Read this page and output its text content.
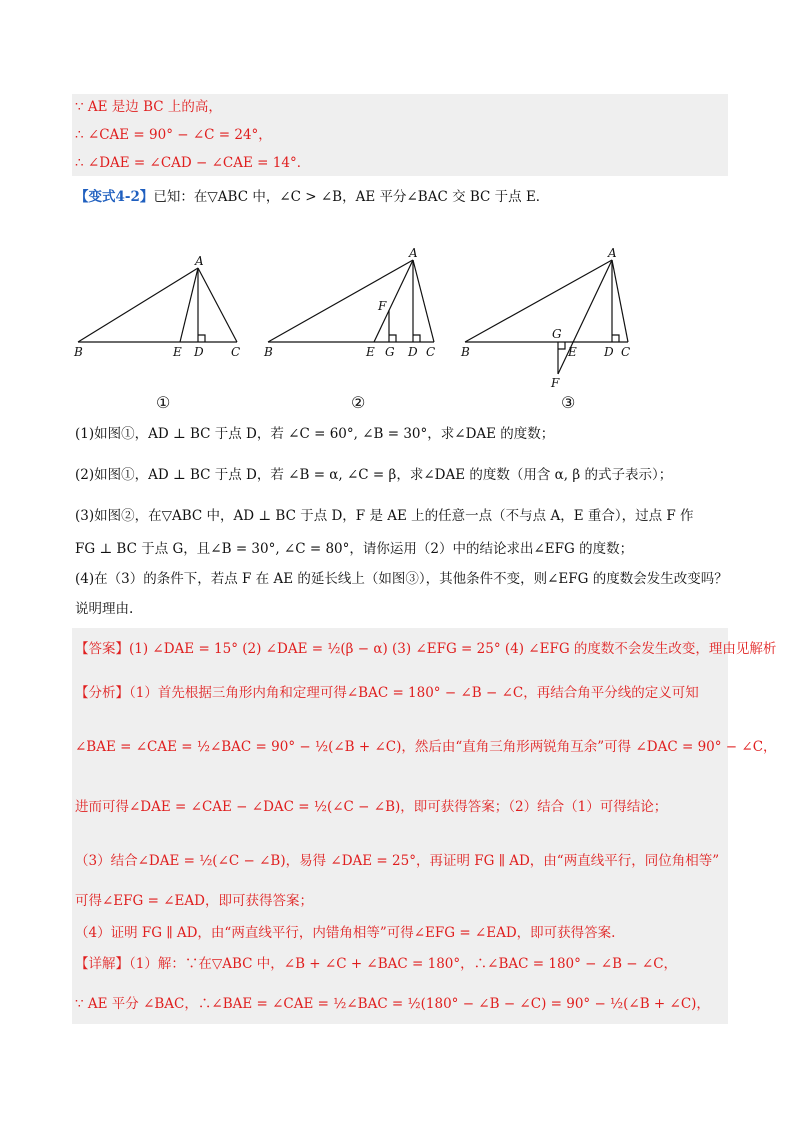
∵ AE 是边 BC 上的高，
∴ ∠CAE = 90° − ∠C = 24°，
∴ ∠DAE = ∠CAD − ∠CAE = 14°．
【变式4-2】已知：在▽ABC 中，∠C > ∠B，AE 平分∠BAC 交 BC 于点 E．
A
B	E D C
A
F
B	E G D C
A
G
B	E D C
F
①	②	③
(1)如图①，AD ⊥ BC 于点 D，若 ∠C = 60°, ∠B = 30°，求∠DAE 的度数；
(2)如图①，AD ⊥ BC 于点 D，若 ∠B = α, ∠C = β，求∠DAE 的度数（用含 α, β 的式子表示）；
(3)如图②，在▽ABC 中，AD ⊥ BC 于点 D，F 是 AE 上的任意一点（不与点 A，E 重合），过点 F 作
FG ⊥ BC 于点 G，且∠B = 30°, ∠C = 80°，请你运用（2）中的结论求出∠EFG 的度数；
(4)在（3）的条件下，若点 F 在 AE 的延长线上（如图③），其他条件不变，则∠EFG 的度数会发生改变吗？
说明理由.
【答案】(1) ∠DAE = 15° (2) ∠DAE = ½(β − α) (3) ∠EFG = 25° (4) ∠EFG 的度数不会发生改变，理由见解析
【分析】（1）首先根据三角形内角和定理可得∠BAC = 180° − ∠B − ∠C，再结合角平分线的定义可知
∠BAE = ∠CAE = ½∠BAC = 90° − ½(∠B + ∠C)，然后由“直角三角形两锐角互余”可得 ∠DAC = 90° − ∠C，
进而可得∠DAE = ∠CAE − ∠DAC = ½(∠C − ∠B)，即可获得答案；（2）结合（1）可得结论；
（3）结合∠DAE = ½(∠C − ∠B)，易得 ∠DAE = 25°，再证明 FG ∥ AD，由“两直线平行，同位角相等”
可得∠EFG = ∠EAD，即可获得答案；
（4）证明 FG ∥ AD，由“两直线平行，内错角相等”可得∠EFG = ∠EAD，即可获得答案.
【详解】（1）解：∵在▽ABC 中，∠B + ∠C + ∠BAC = 180°，∴∠BAC = 180° − ∠B − ∠C，
∵ AE 平分 ∠BAC，∴∠BAE = ∠CAE = ½∠BAC = ½(180° − ∠B − ∠C) = 90° − ½(∠B + ∠C)，
